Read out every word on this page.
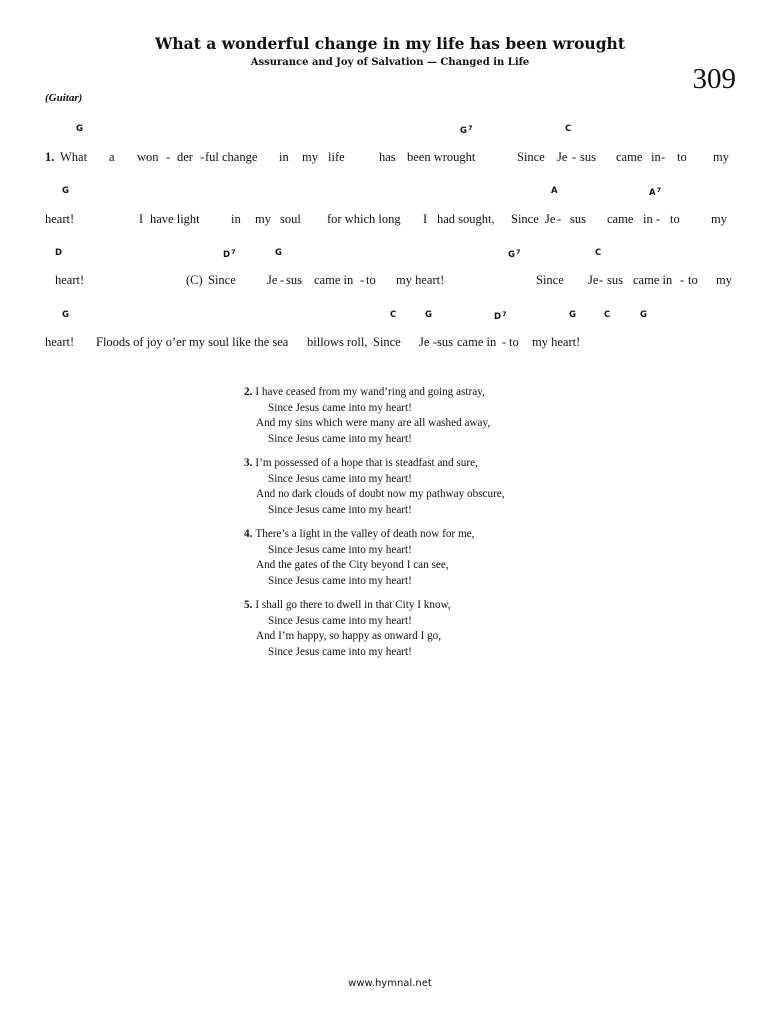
What a wonderful change in my life has been wrought
Assurance and Joy of Salvation — Changed in Life
309
(Guitar)
G	$G^7$	C
1. What a won - der - ful change in my life	has been wrought	Since Je - sus came in - to my
G	A	$A^7$
heart!	I have light	in my soul for which long I had sought, Since Je - sus came in - to	my
D	$D^7$	G	$G^7$	C
heart!	(C) Since Je - sus came in - to my heart!	Since Je - sus came in - to my
G	C	G	$D^7$	G	C	G
heart! Floods of joy o’er my soul like the sea billows roll, Since Je - sus came in - to my heart!
2. I have ceased from my wand’ring and going astray,
Since Jesus came into my heart!
And my sins which were many are all washed away,
Since Jesus came into my heart!
3. I’m possessed of a hope that is steadfast and sure,
Since Jesus came into my heart!
And no dark clouds of doubt now my pathway obscure,
Since Jesus came into my heart!
4. There’s a light in the valley of death now for me,
Since Jesus came into my heart!
And the gates of the City beyond I can see,
Since Jesus came into my heart!
5. I shall go there to dwell in that City I know,
Since Jesus came into my heart!
And I’m happy, so happy as onward I go,
Since Jesus came into my heart!
www.hymnal.net
